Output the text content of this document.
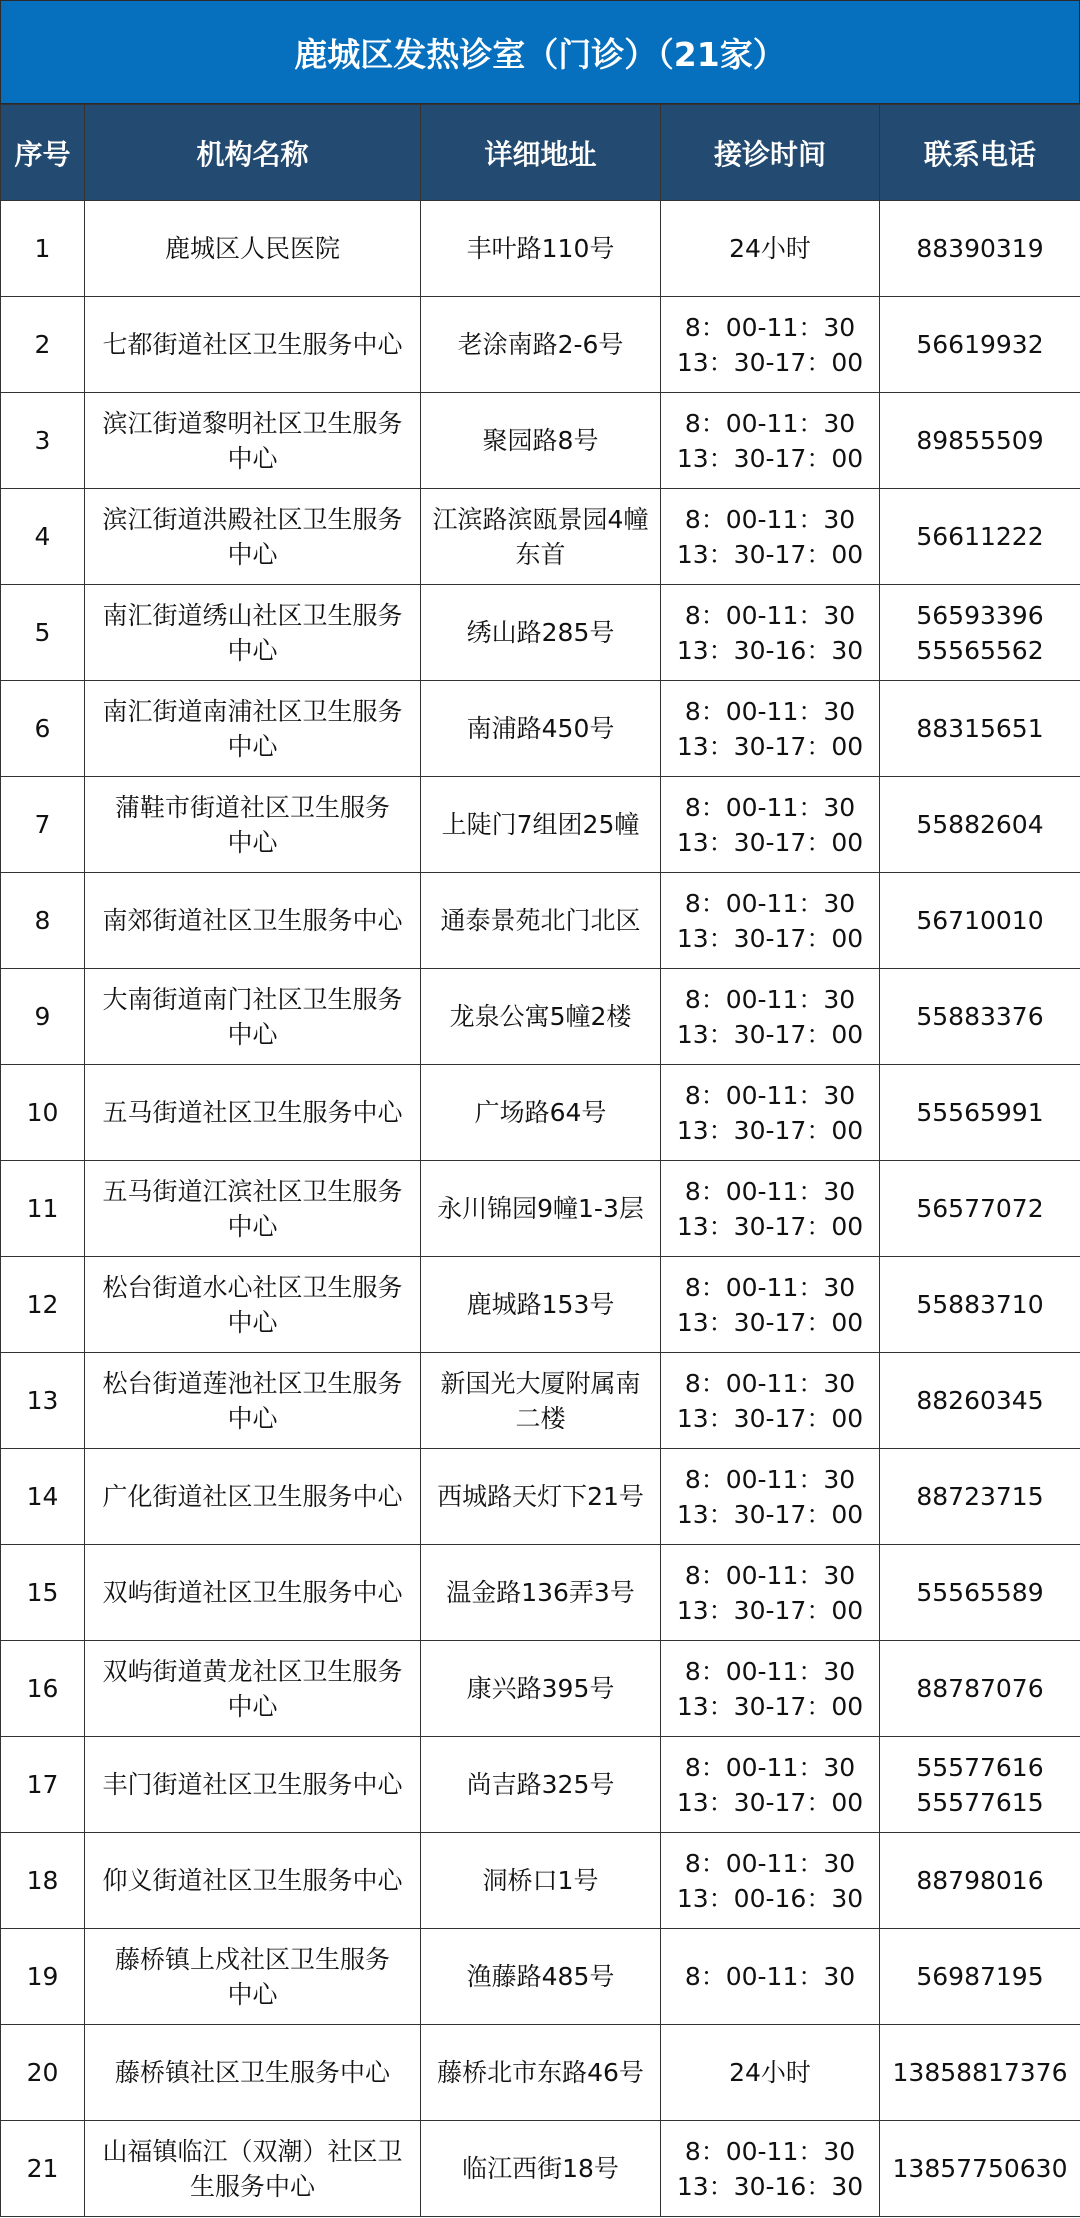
鹿城区发热诊室（门诊）（21家）
序号	机构名称	详细地址	接诊时间	联系电话
1	鹿城区人民医院	丰叶路110号	24小时	88390319

2	七都街道社区卫生服务中心	老涂南路2-6号	8：00-11：30
13：30-17：00	56619932

3	滨江街道黎明社区卫生服务
中心	聚园路8号	8：00-11：30
13：30-17：00	89855509

4	滨江街道洪殿社区卫生服务
中心	江滨路滨瓯景园4幢
东首	8：00-11：30
13：30-17：00	56611222

5	南汇街道绣山社区卫生服务
中心	绣山路285号	8：00-11：30
13：30-16：30	56593396
55565562

6	南汇街道南浦社区卫生服务
中心	南浦路450号	8：00-11：30
13：30-17：00	88315651

7	蒲鞋市街道社区卫生服务
中心	上陡门7组团25幢	8：00-11：30
13：30-17：00	55882604

8	南郊街道社区卫生服务中心	通泰景苑北门北区	8：00-11：30
13：30-17：00	56710010

9	大南街道南门社区卫生服务
中心	龙泉公寓5幢2楼	8：00-11：30
13：30-17：00	55883376

10	五马街道社区卫生服务中心	广场路64号	8：00-11：30
13：30-17：00	55565991

11	五马街道江滨社区卫生服务
中心	永川锦园9幢1-3层	8：00-11：30
13：30-17：00	56577072

12	松台街道水心社区卫生服务
中心	鹿城路153号	8：00-11：30
13：30-17：00	55883710

13	松台街道莲池社区卫生服务
中心	新国光大厦附属南
二楼	8：00-11：30
13：30-17：00	88260345

14	广化街道社区卫生服务中心	西城路天灯下21号	8：00-11：30
13：30-17：00	88723715

15	双屿街道社区卫生服务中心	温金路136弄3号	8：00-11：30
13：30-17：00	55565589

16	双屿街道黄龙社区卫生服务
中心	康兴路395号	8：00-11：30
13：30-17：00	88787076

17	丰门街道社区卫生服务中心	尚吉路325号	8：00-11：30
13：30-17：00	55577616
55577615

18	仰义街道社区卫生服务中心	洞桥口1号	8：00-11：30
13：00-16：30	88798016

19	藤桥镇上戍社区卫生服务
中心	渔藤路485号	8：00-11：30	56987195

20	藤桥镇社区卫生服务中心	藤桥北市东路46号	24小时	13858817376

21	山福镇临江（双潮）社区卫
生服务中心	临江西街18号	8：00-11：30
13：30-16：30	13857750630
